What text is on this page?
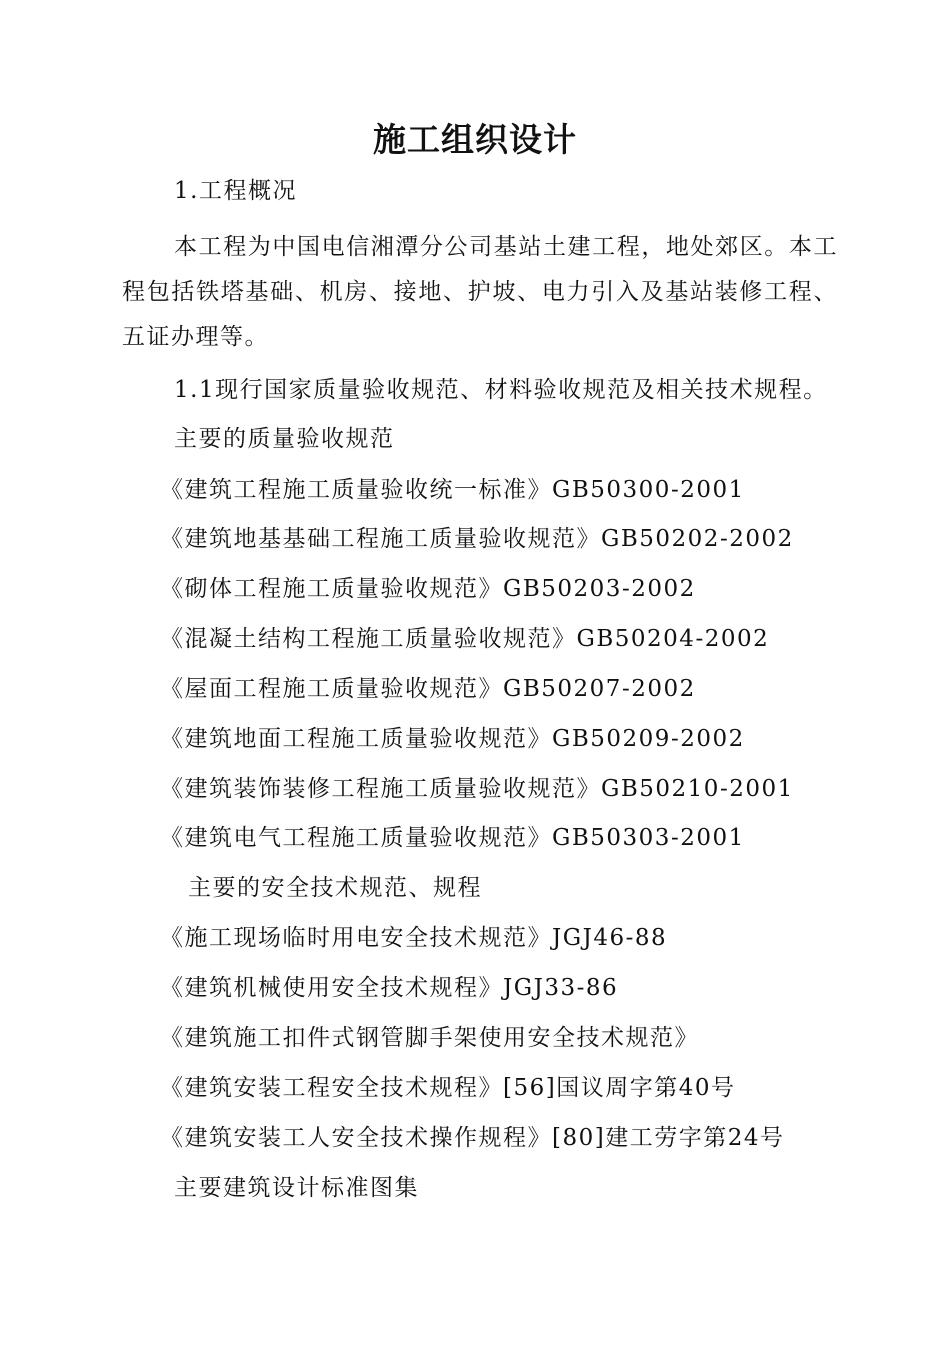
施工组织设计
1.工程概况
本工程为中国电信湘潭分公司基站土建工程，地处郊区。本工程包括铁塔基础、机房、接地、护坡、电力引入及基站装修工程、五证办理等。
1.1现行国家质量验收规范、材料验收规范及相关技术规程。
主要的质量验收规范
《建筑工程施工质量验收统一标准》GB50300-2001
《建筑地基基础工程施工质量验收规范》GB50202-2002
《砌体工程施工质量验收规范》GB50203-2002
《混凝土结构工程施工质量验收规范》GB50204-2002
《屋面工程施工质量验收规范》GB50207-2002
《建筑地面工程施工质量验收规范》GB50209-2002
《建筑装饰装修工程施工质量验收规范》GB50210-2001
《建筑电气工程施工质量验收规范》GB50303-2001
主要的安全技术规范、规程
《施工现场临时用电安全技术规范》JGJ46-88
《建筑机械使用安全技术规程》JGJ33-86
《建筑施工扣件式钢管脚手架使用安全技术规范》
《建筑安装工程安全技术规程》[56]国议周字第40号
《建筑安装工人安全技术操作规程》[80]建工劳字第24号
主要建筑设计标准图集
